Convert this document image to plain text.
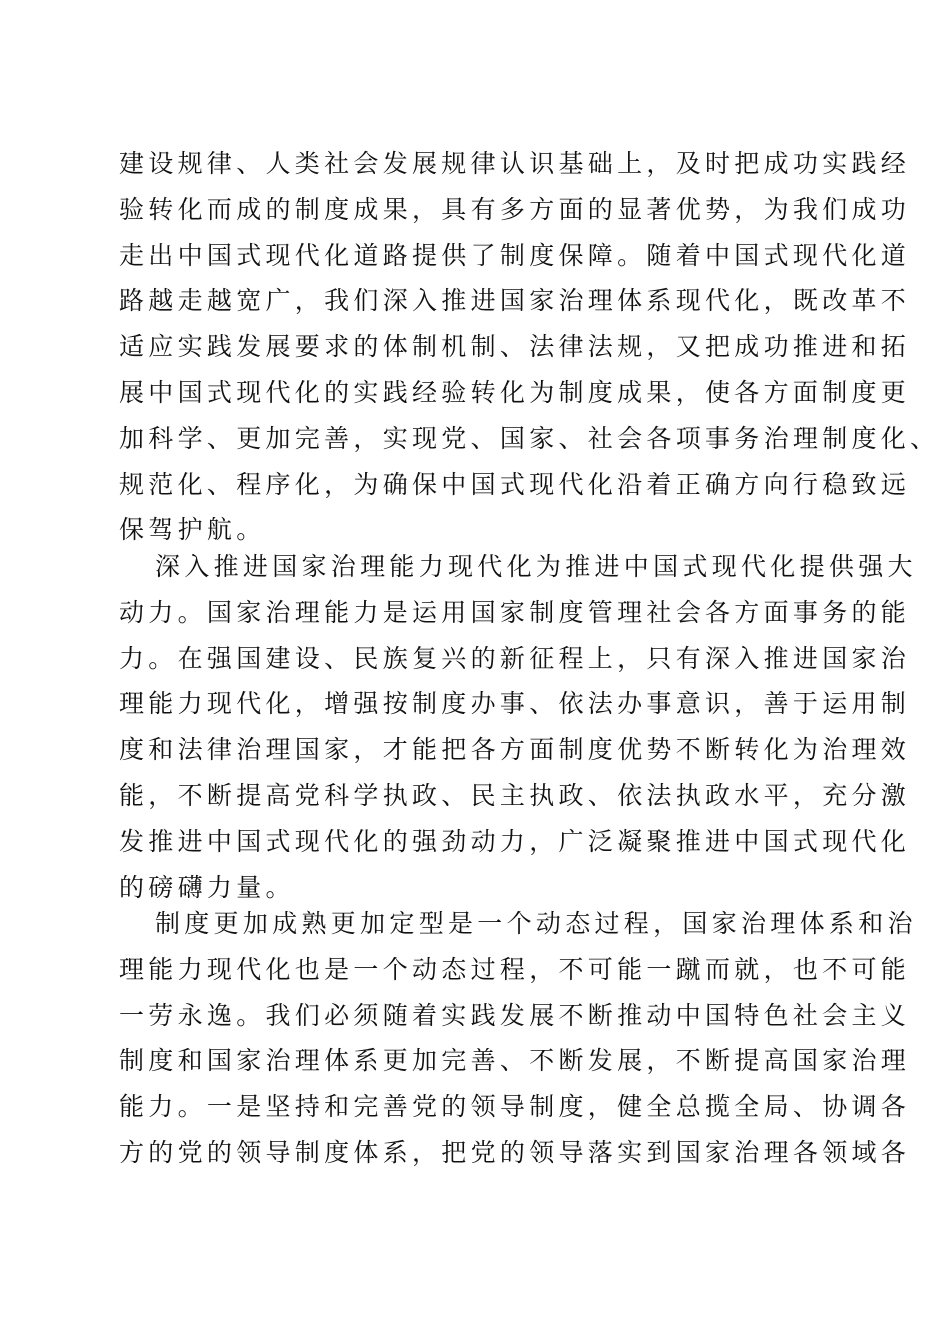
建设规律、人类社会发展规律认识基础上，及时把成功实践经
验转化而成的制度成果，具有多方面的显著优势，为我们成功
走出中国式现代化道路提供了制度保障。随着中国式现代化道
路越走越宽广，我们深入推进国家治理体系现代化，既改革不
适应实践发展要求的体制机制、法律法规，又把成功推进和拓
展中国式现代化的实践经验转化为制度成果，使各方面制度更
加科学、更加完善，实现党、国家、社会各项事务治理制度化、
规范化、程序化，为确保中国式现代化沿着正确方向行稳致远
保驾护航。
深入推进国家治理能力现代化为推进中国式现代化提供强大
动力。国家治理能力是运用国家制度管理社会各方面事务的能
力。在强国建设、民族复兴的新征程上，只有深入推进国家治
理能力现代化，增强按制度办事、依法办事意识，善于运用制
度和法律治理国家，才能把各方面制度优势不断转化为治理效
能，不断提高党科学执政、民主执政、依法执政水平，充分激
发推进中国式现代化的强劲动力，广泛凝聚推进中国式现代化
的磅礴力量。
制度更加成熟更加定型是一个动态过程，国家治理体系和治
理能力现代化也是一个动态过程，不可能一蹴而就，也不可能
一劳永逸。我们必须随着实践发展不断推动中国特色社会主义
制度和国家治理体系更加完善、不断发展，不断提高国家治理
能力。一是坚持和完善党的领导制度，健全总揽全局、协调各
方的党的领导制度体系，把党的领导落实到国家治理各领域各
